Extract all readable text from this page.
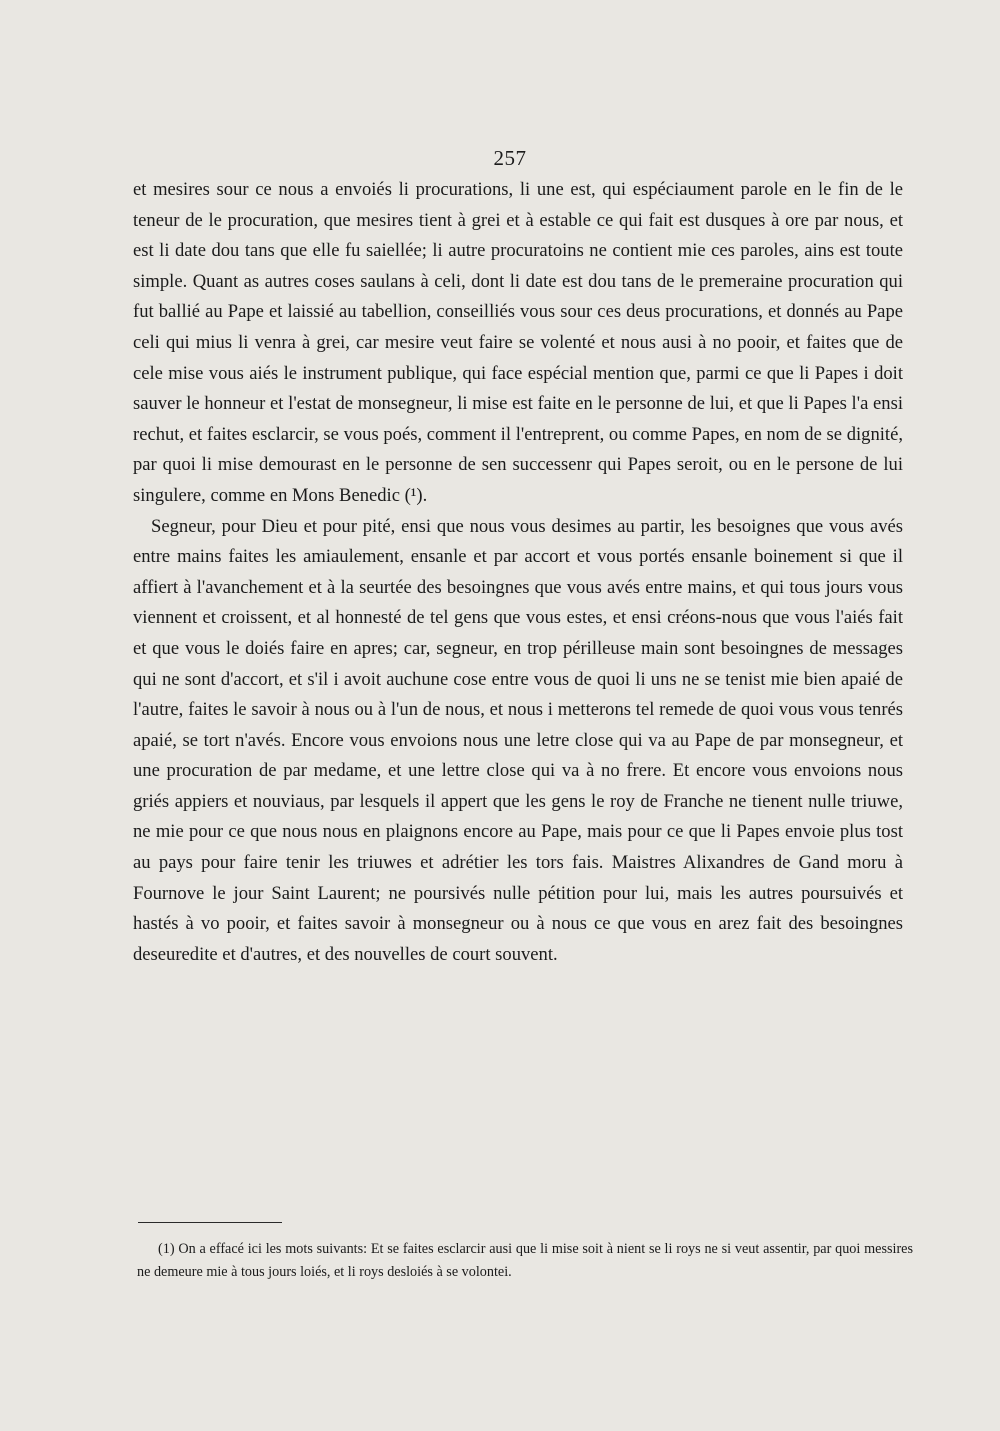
257

et mesires sour ce nous a envoiés li procurations, li une est, qui espéciaument parole en le fin de le teneur de le procuration, que mesires tient à grei et à estable ce qui fait est dusques à ore par nous, et est li date dou tans que elle fu saiellée; li autre procuratoins ne contient mie ces paroles, ains est toute simple. Quant as autres coses saulans à celi, dont li date est dou tans de le premeraine procuration qui fut ballié au Pape et laissié au tabellion, conseilliés vous sour ces deus procurations, et donnés au Pape celi qui mius li venra à grei, car mesire veut faire se volenté et nous ausi à no pooir, et faites que de cele mise vous aiés le instrument publique, qui face espécial mention que, parmi ce que li Papes i doit sauver le honneur et l'estat de monsegneur, li mise est faite en le personne de lui, et que li Papes l'a ensi rechut, et faites esclarcir, se vous poés, comment il l'entreprent, ou comme Papes, en nom de se dignité, par quoi li mise demourast en le personne de sen successenr qui Papes seroit, ou en le persone de lui singulere, comme en Mons Benedic (¹).

Segneur, pour Dieu et pour pité, ensi que nous vous desimes au partir, les besoignes que vous avés entre mains faites les amiaulement, ensanle et par accort et vous portés ensanle boinement si que il affiert à l'avanchement et à la seurtée des besoingnes que vous avés entre mains, et qui tous jours vous viennent et croissent, et al honnesté de tel gens que vous estes, et ensi créons-nous que vous l'aiés fait et que vous le doiés faire en apres; car, segneur, en trop périlleuse main sont besoingnes de messages qui ne sont d'accort, et s'il i avoit auchune cose entre vous de quoi li uns ne se tenist mie bien apaié de l'autre, faites le savoir à nous ou à l'un de nous, et nous i metterons tel remede de quoi vous vous tenrés apaié, se tort n'avés. Encore vous envoions nous une letre close qui va au Pape de par monsegneur, et une procuration de par medame, et une lettre close qui va à no frere. Et encore vous envoions nous griés appiers et nouviaus, par lesquels il appert que les gens le roy de Franche ne tienent nulle triuwe, ne mie pour ce que nous nous en plaignons encore au Pape, mais pour ce que li Papes envoie plus tost au pays pour faire tenir les triuwes et adrétier les tors fais. Maistres Alixandres de Gand moru à Fournove le jour Saint Laurent; ne poursivés nulle pétition pour lui, mais les autres poursuivés et hastés à vo pooir, et faites savoir à monsegneur ou à nous ce que vous en arez fait des besoingnes deseuredite et d'autres, et des nouvelles de court souvent.

(1) On a effacé ici les mots suivants: Et se faites esclarcir ausi que li mise soit à nient se li roys ne si veut assentir, par quoi messires ne demeure mie à tous jours loiés, et li roys desloiés à se volontei.
